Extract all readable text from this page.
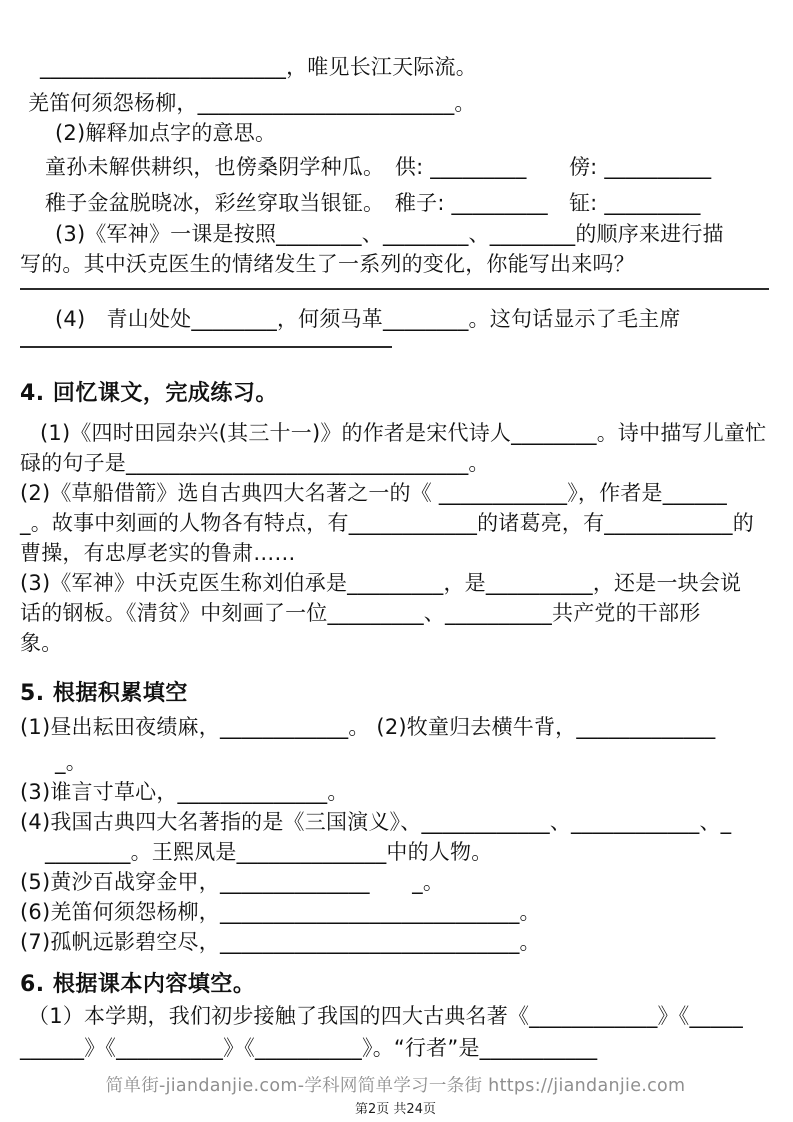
_______________________，唯见长江天际流。

羌笛何须怨杨柳，________________________。

(2)解释加点字的意思。

童孙未解• 供耕织，也• 傍桑阴学种瓜。　供: _________　　傍: __________

• 稚• 子金盆脱晓冰，彩丝穿取当银• 钲。　稚子: _________　钲: _________

(3)《军神》一课是按照________、________、________的顺序来进行描

写的。其中沃克医生的情绪发生了一系列的变化，你能写出来吗？

(4)　青山处处________，何须马革________。这句话显示了毛主席

4. 回忆课文，完成练习。

(1)《四时田园杂兴(其三十一)》的作者是宋代诗人________。诗中描写儿童忙

碌的句子是________________________________。

(2)《草船借箭》选自古典四大名著之一的《 ____________》，作者是______

_。故事中刻画的人物各有特点，有____________的诸葛亮，有____________的

曹操，有忠厚老实的鲁肃……

(3)《军神》中沃克医生称刘伯承是_________，是__________，还是一块会说

话的钢板。《清贫》中刻画了一位_________、__________共产党的干部形

象。

5. 根据积累填空

(1)昼出耘田夜绩麻，____________。 (2)牧童归去横牛背，_____________

_。

(3)谁言寸草心，______________。

(4)我国古典四大名著指的是《三国演义》、____________、____________、_

________。王熙凤是______________中的人物。

(5)黄沙百战穿金甲，______________　　_。

(6)羌笛何须怨杨柳，____________________________。

(7)孤帆远影碧空尽，____________________________。

6. 根据课本内容填空。

（1）本学期，我们初步接触了我国的四大古典名著《____________》《_____

______》《__________》《__________》。“行者”是___________

简单街-jiandanjie.com-学科网简单学习一条街 https://jiandanjie.com

第2页 共24页
